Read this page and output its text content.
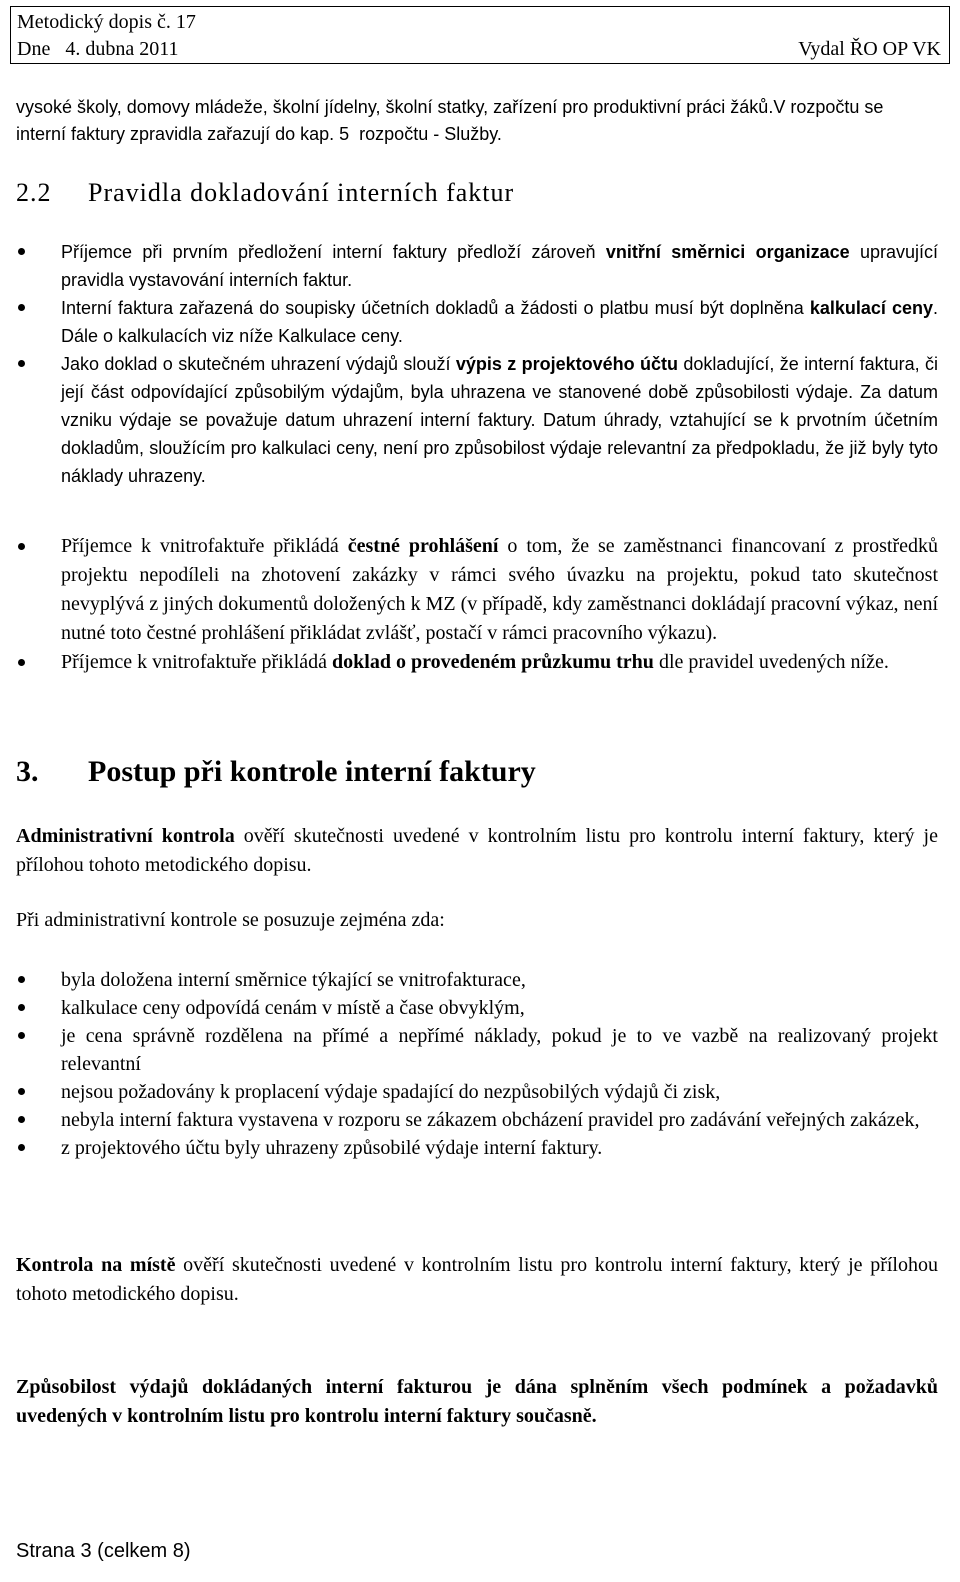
Metodický dopis č. 17
Dne   4. dubna 2011	Vydal ŘO OP VK
vysoké školy, domovy mládeže, školní jídelny, školní statky, zařízení pro produktivní práci žáků.V rozpočtu se interní faktury zpravidla zařazují do kap. 5  rozpočtu - Služby.
2.2 Pravidla dokladování interních faktur
Příjemce při prvním předložení interní faktury předloží zároveň vnitřní směrnici organizace upravující pravidla vystavování interních faktur.
Interní faktura zařazená do soupisky účetních dokladů a žádosti o platbu musí být doplněna kalkulací ceny. Dále o kalkulacích viz níže Kalkulace ceny.
Jako doklad o skutečném uhrazení výdajů slouží výpis z projektového účtu dokladující, že interní faktura, či její část odpovídající způsobilým výdajům, byla uhrazena ve stanovené době způsobilosti výdaje. Za datum vzniku výdaje se považuje datum uhrazení interní faktury. Datum úhrady, vztahující se k prvotním účetním dokladům, sloužícím pro kalkulaci ceny, není pro způsobilost výdaje relevantní za předpokladu, že již byly tyto náklady uhrazeny.
Příjemce k vnitrofaktuře přikládá čestné prohlášení o tom, že se zaměstnanci financovaní z prostředků projektu nepodíleli na zhotovení zakázky v rámci svého úvazku na projektu, pokud tato skutečnost nevyplývá z jiných dokumentů doložených k MZ (v případě, kdy zaměstnanci dokládají pracovní výkaz, není nutné toto čestné prohlášení přikládat zvlášť, postačí v rámci pracovního výkazu).
Příjemce k vnitrofaktuře přikládá doklad o provedeném průzkumu trhu dle pravidel uvedených níže.
3. Postup při kontrole interní faktury
Administrativní kontrola ověří skutečnosti uvedené v kontrolním listu pro kontrolu interní faktury, který je přílohou tohoto metodického dopisu.
Při administrativní kontrole se posuzuje zejména zda:
byla doložena interní směrnice týkající se vnitrofakturace,
kalkulace ceny odpovídá cenám v místě a čase obvyklým,
je cena správně rozdělena na přímé a nepřímé náklady, pokud je to ve vazbě na realizovaný projekt relevantní
nejsou požadovány k proplacení výdaje spadající do nezpůsobilých výdajů či zisk,
nebyla interní faktura vystavena v rozporu se zákazem obcházení pravidel pro zadávání veřejných zakázek,
z projektového účtu byly uhrazeny způsobilé výdaje interní faktury.
Kontrola na místě ověří skutečnosti uvedené v kontrolním listu pro kontrolu interní faktury, který je přílohou tohoto metodického dopisu.
Způsobilost výdajů dokládaných interní fakturou je dána splněním všech podmínek a požadavků uvedených v kontrolním listu pro kontrolu interní faktury současně.
Strana 3 (celkem 8)
